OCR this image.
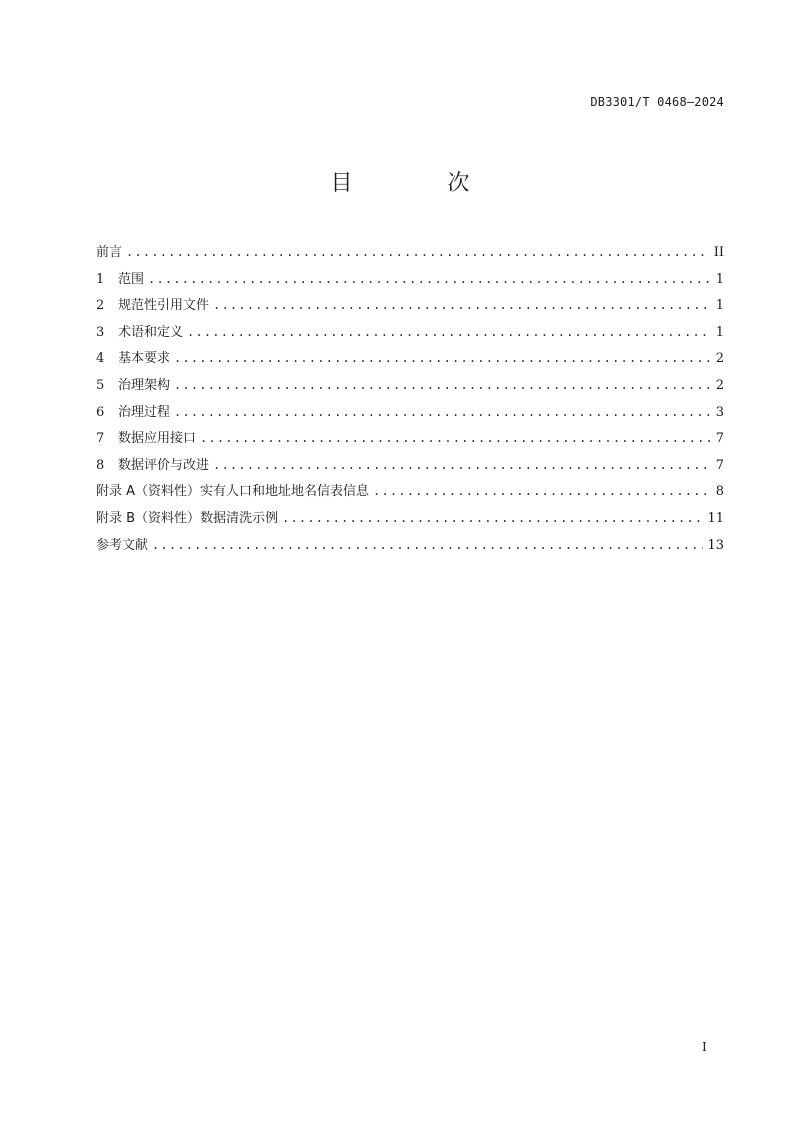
DB3301/T 0468—2024
目 次
前言 .....	II
1	范围 .....	1
2	规范性引用文件 .....	1
3	术语和定义 .....	1
4	基本要求 .....	2
5	治理架构 .....	2
6	治理过程 .....	3
7	数据应用接口 .....	7
8	数据评价与改进 .....	7
附录 A（资料性） 实有人口和地址地名信表信息 .....	8
附录 B（资料性） 数据清洗示例 .....	11
参考文献 .....	13
I
